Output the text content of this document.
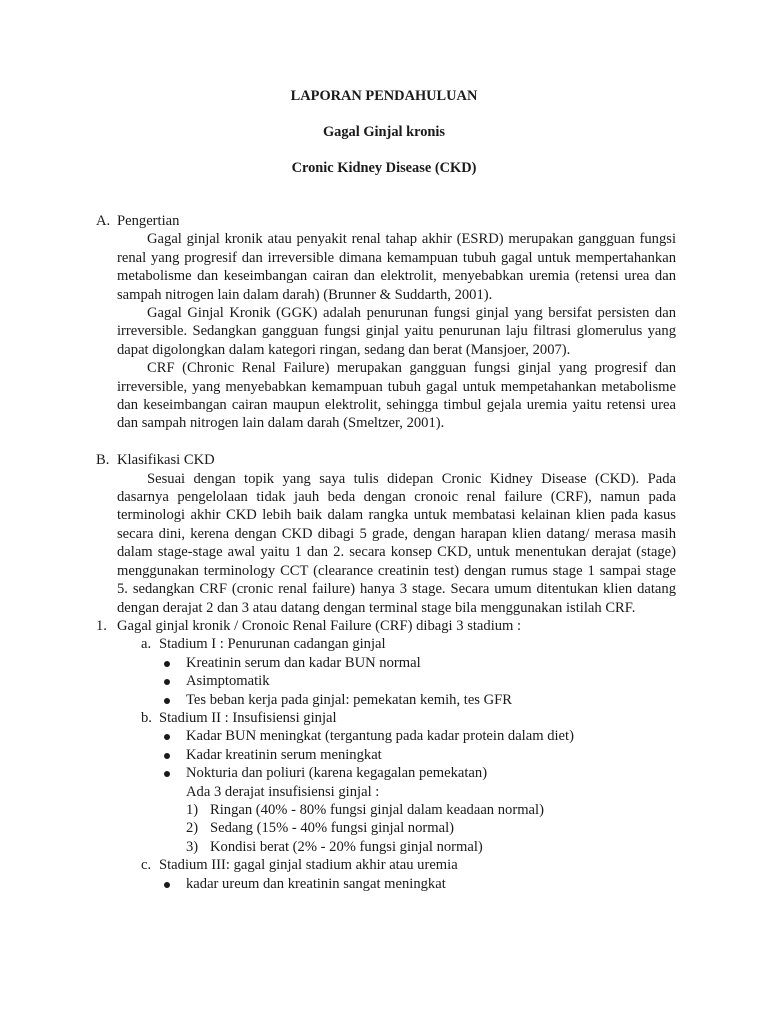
LAPORAN PENDAHULUAN
Gagal Ginjal kronis
Cronic Kidney Disease (CKD)
A. Pengertian

Gagal ginjal kronik atau penyakit renal tahap akhir (ESRD) merupakan gangguan fungsi renal yang progresif dan irreversible dimana kemampuan tubuh gagal untuk mempertahankan metabolisme dan keseimbangan cairan dan elektrolit, menyebabkan uremia (retensi urea dan sampah nitrogen lain dalam darah) (Brunner & Suddarth, 2001).

Gagal Ginjal Kronik (GGK) adalah penurunan fungsi ginjal yang bersifat persisten dan irreversible. Sedangkan gangguan fungsi ginjal yaitu penurunan laju filtrasi glomerulus yang dapat digolongkan dalam kategori ringan, sedang dan berat (Mansjoer, 2007).

CRF (Chronic Renal Failure) merupakan gangguan fungsi ginjal yang progresif dan irreversible, yang menyebabkan kemampuan tubuh gagal untuk mempetahankan metabolisme dan keseimbangan cairan maupun elektrolit, sehingga timbul gejala uremia yaitu retensi urea dan sampah nitrogen lain dalam darah (Smeltzer, 2001).

B. Klasifikasi CKD

Sesuai dengan topik yang saya tulis didepan Cronic Kidney Disease (CKD). Pada dasarnya pengelolaan tidak jauh beda dengan cronoic renal failure (CRF), namun pada terminologi akhir CKD lebih baik dalam rangka untuk membatasi kelainan klien pada kasus secara dini, kerena dengan CKD dibagi 5 grade, dengan harapan klien datang/ merasa masih dalam stage-stage awal yaitu 1 dan 2. secara konsep CKD, untuk menentukan derajat (stage) menggunakan terminology CCT (clearance creatinin test) dengan rumus stage 1 sampai stage 5. sedangkan CRF (cronic renal failure) hanya 3 stage. Secara umum ditentukan klien datang dengan derajat 2 dan 3 atau datang dengan terminal stage bila menggunakan istilah CRF.

1. Gagal ginjal kronik / Cronoic Renal Failure (CRF) dibagi 3 stadium :
a. Stadium I : Penurunan cadangan ginjal
Kreatinin serum dan kadar BUN normal
Asimptomatik
Tes beban kerja pada ginjal: pemekatan kemih, tes GFR
b. Stadium II : Insufisiensi ginjal
Kadar BUN meningkat (tergantung pada kadar protein dalam diet)
Kadar kreatinin serum meningkat
Nokturia dan poliuri (karena kegagalan pemekatan)
Ada 3 derajat insufisiensi ginjal :
1) Ringan (40% - 80% fungsi ginjal dalam keadaan normal)
2) Sedang (15% - 40% fungsi ginjal normal)
3) Kondisi berat (2% - 20% fungsi ginjal normal)
c. Stadium III: gagal ginjal stadium akhir atau uremia
kadar ureum dan kreatinin sangat meningkat
